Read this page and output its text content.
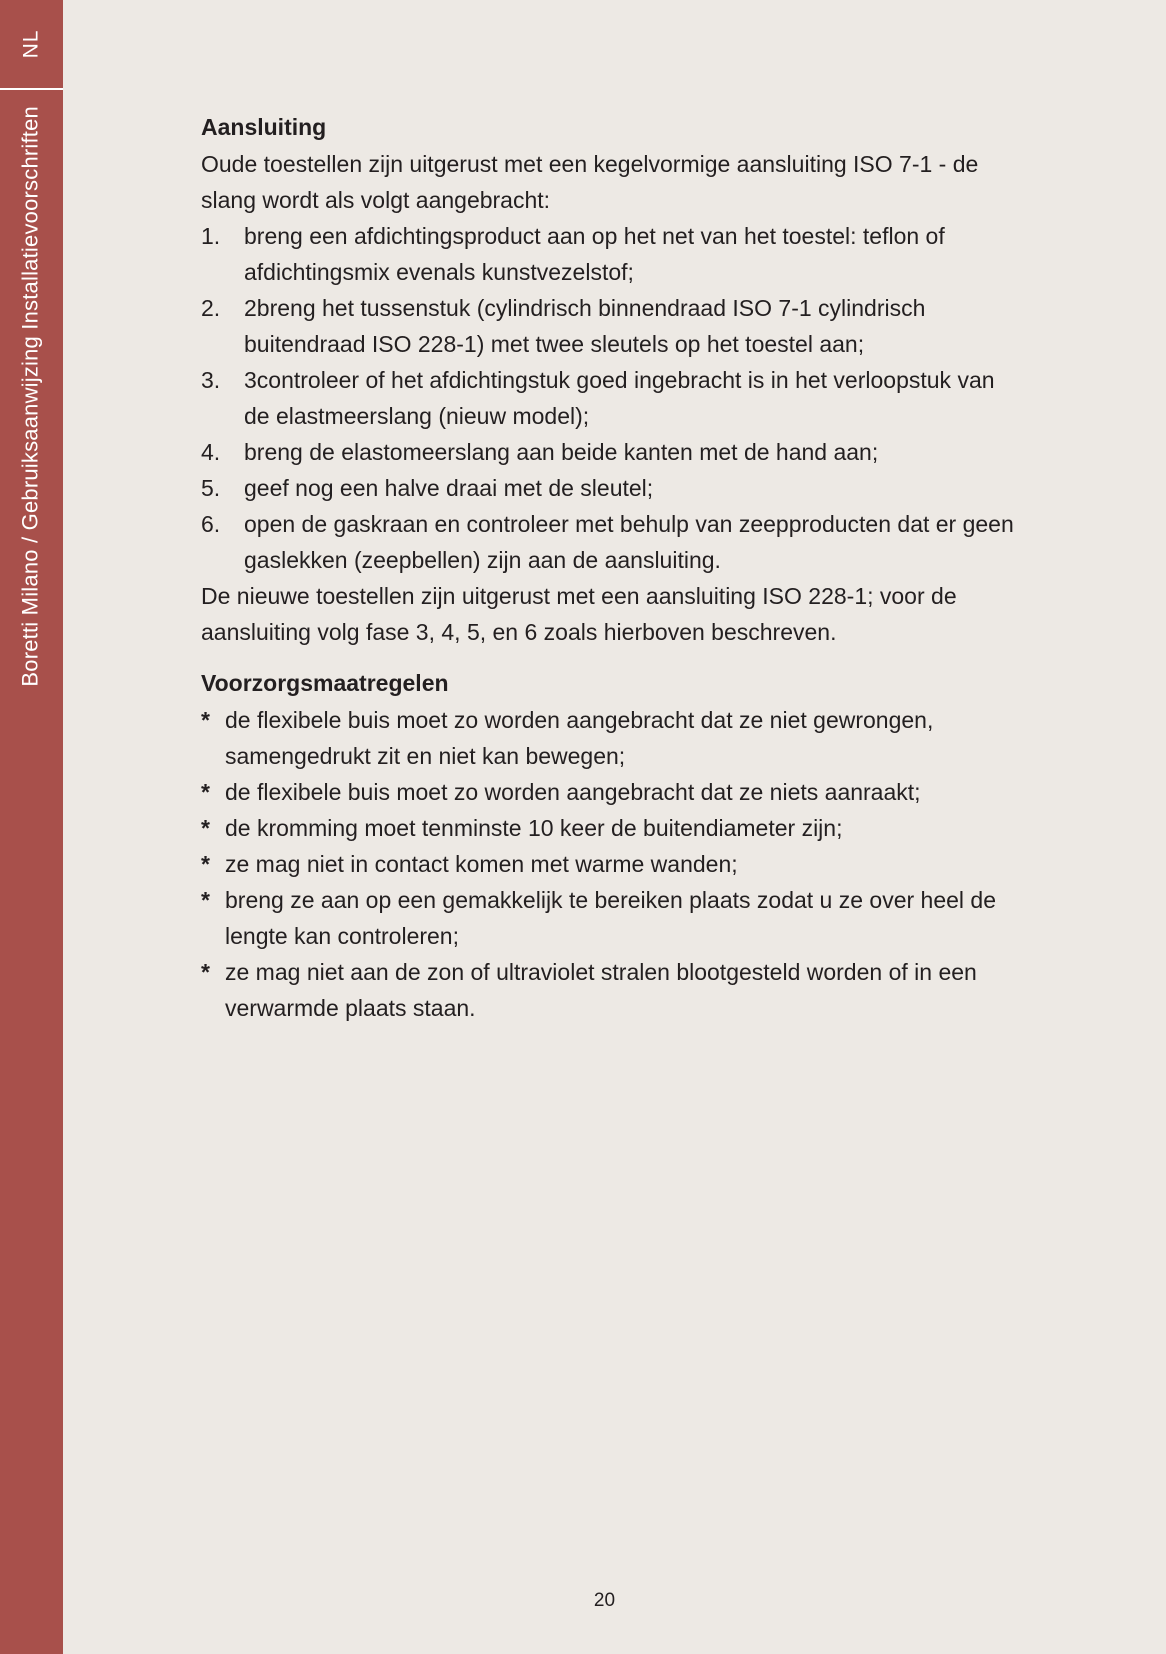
NL
Boretti Milano / Gebruiksaanwijzing Installatievoorschriften	Aansluiting

Oude toestellen zijn uitgerust met een kegelvormige aansluiting ISO 7-1 - de slang wordt als volgt aangebracht:

1.	breng een afdichtingsproduct aan op het net van het toestel: teflon of afdichtingsmix evenals kunstvezelstof;
2.	2breng het tussenstuk (cylindrisch binnendraad ISO 7-1 cylindrisch buitendraad ISO 228-1) met twee sleutels op het toestel aan;
3.	3controleer of het afdichtingstuk goed ingebracht is in het verloopstuk van de elastmeerslang (nieuw model);
4.	breng de elastomeerslang aan beide kanten met de hand aan;
5.	geef nog een halve draai met de sleutel;
6.	open de gaskraan en controleer met behulp van zeepproducten dat er geen gaslekken (zeepbellen) zijn aan de aansluiting.

De nieuwe toestellen zijn uitgerust met een aansluiting ISO 228-1; voor de aansluiting volg fase 3, 4, 5, en 6 zoals hierboven beschreven.

Voorzorgsmaatregelen
* de flexibele buis moet zo worden aangebracht dat ze niet gewrongen, samengedrukt zit en niet kan bewegen;
* de flexibele buis moet zo worden aangebracht dat ze niets aanraakt;
* de kromming moet tenminste 10 keer de buitendiameter zijn;
* ze mag niet in contact komen met warme wanden;
* breng ze aan op een gemakkelijk te bereiken plaats zodat u ze over heel de lengte kan controleren;
* ze mag niet aan de zon of ultraviolet stralen blootgesteld worden of in een verwarmde plaats staan.
20
